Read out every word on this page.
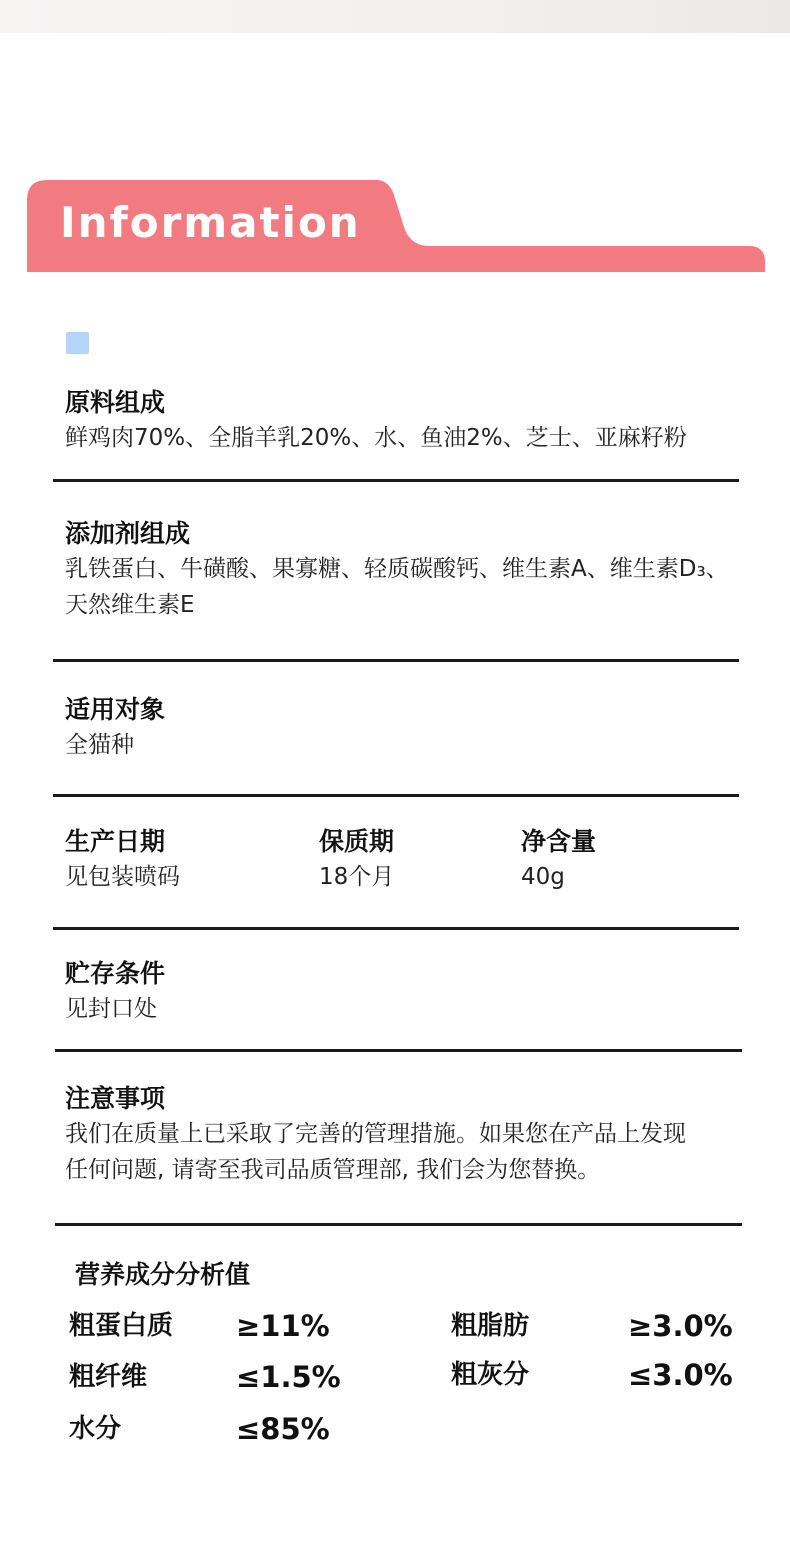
Information
原料组成
鲜鸡肉70%、全脂羊乳20%、水、鱼油2%、芝士、亚麻籽粉
添加剂组成
乳铁蛋白、牛磺酸、果寡糖、轻质碳酸钙、维生素A、维生素D₃、
天然维生素E
适用对象
全猫种
生产日期
见包装喷码
保质期
18个月
净含量
40g
贮存条件
见封口处
注意事项
我们在质量上已采取了完善的管理措施。如果您在产品上发现
任何问题, 请寄至我司品质管理部, 我们会为您替换。
营养成分分析值
粗蛋白质 ≥11%	粗脂肪	≥3.0%
粗纤维	≤1.5%	粗灰分	≤3.0%
水分	≤85%
